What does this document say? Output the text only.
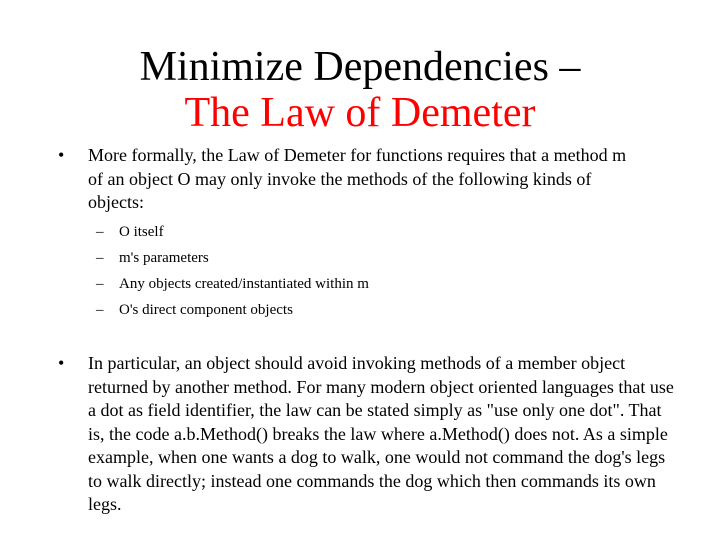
Minimize Dependencies –
The Law of Demeter
• More formally, the Law of Demeter for functions requires that a method m of an object O may only invoke the methods of the following kinds of objects:
– O itself
– m's parameters
– Any objects created/instantiated within m
– O's direct component objects
• In particular, an object should avoid invoking methods of a member object returned by another method. For many modern object oriented languages that use a dot as field identifier, the law can be stated simply as "use only one dot". That is, the code a.b.Method() breaks the law where a.Method() does not. As a simple example, when one wants a dog to walk, one would not command the dog's legs to walk directly; instead one commands the dog which then commands its own legs.
